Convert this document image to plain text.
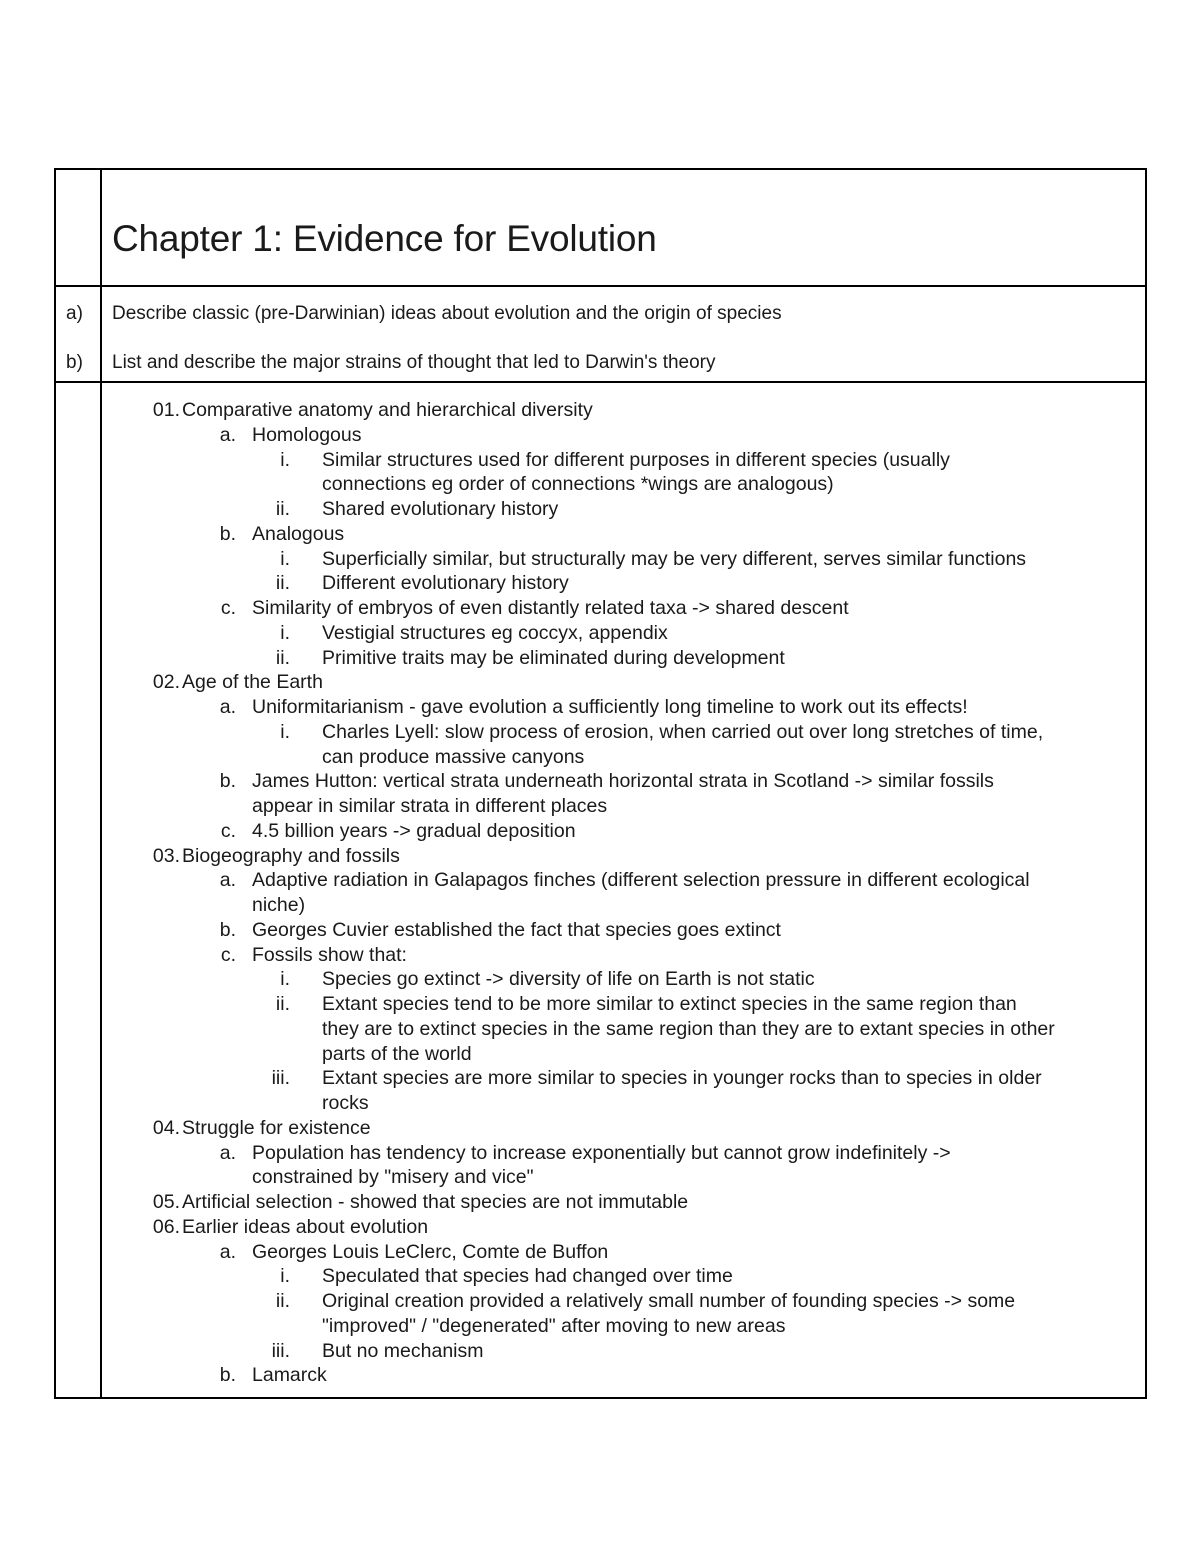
Chapter 1: Evidence for Evolution
a) Describe classic (pre-Darwinian) ideas about evolution and the origin of species
b) List and describe the major strains of thought that led to Darwin's theory
01. Comparative anatomy and hierarchical diversity
a. Homologous
i. Similar structures used for different purposes in different species (usually
connections eg order of connections *wings are analogous)
ii. Shared evolutionary history
b. Analogous
i. Superficially similar, but structurally may be very different, serves similar functions
ii. Different evolutionary history
c. Similarity of embryos of even distantly related taxa -> shared descent
i. Vestigial structures eg coccyx, appendix
ii. Primitive traits may be eliminated during development
02. Age of the Earth
a. Uniformitarianism - gave evolution a sufficiently long timeline to work out its effects!
i. Charles Lyell: slow process of erosion, when carried out over long stretches of time,
can produce massive canyons
b. James Hutton: vertical strata underneath horizontal strata in Scotland -> similar fossils
appear in similar strata in different places
c. 4.5 billion years -> gradual deposition
03. Biogeography and fossils
a. Adaptive radiation in Galapagos finches (different selection pressure in different ecological
niche)
b. Georges Cuvier established the fact that species goes extinct
c. Fossils show that:
i. Species go extinct -> diversity of life on Earth is not static
ii. Extant species tend to be more similar to extinct species in the same region than
they are to extinct species in the same region than they are to extant species in other
parts of the world
iii. Extant species are more similar to species in younger rocks than to species in older
rocks
04. Struggle for existence
a. Population has tendency to increase exponentially but cannot grow indefinitely ->
constrained by "misery and vice"
05. Artificial selection - showed that species are not immutable
06. Earlier ideas about evolution
a. Georges Louis LeClerc, Comte de Buffon
i. Speculated that species had changed over time
ii. Original creation provided a relatively small number of founding species -> some
"improved" / "degenerated" after moving to new areas
iii. But no mechanism
b. Lamarck
